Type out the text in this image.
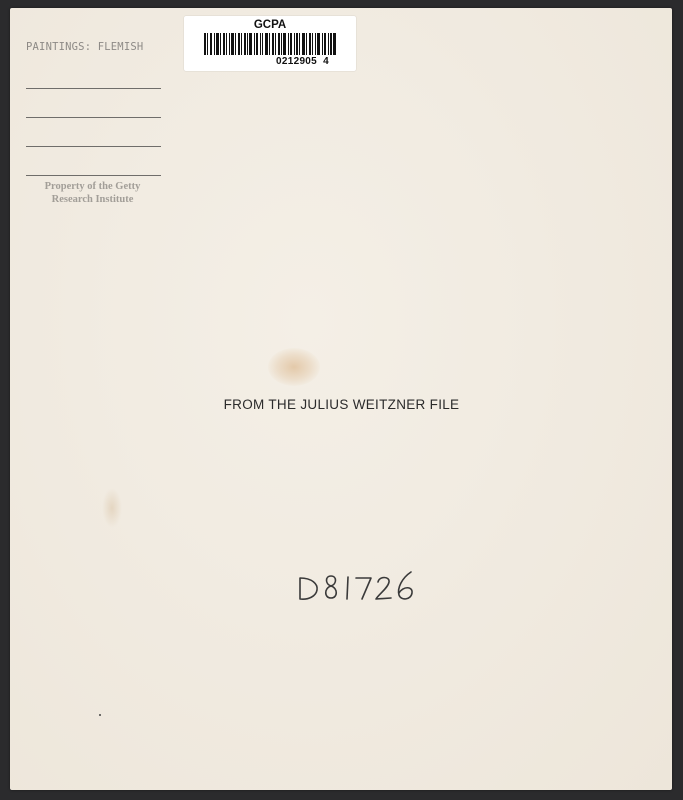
PAINTINGS: FLEMISH
Property of the Getty
Research Institute
GCPA
0212905  4
FROM THE JULIUS WEITZNER FILE
